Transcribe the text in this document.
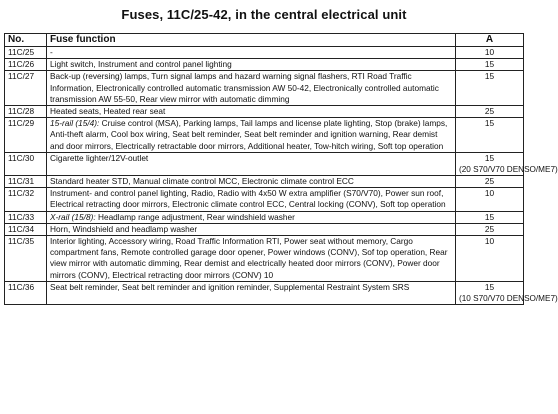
Fuses, 11C/25-42, in the central electrical unit
No.	Fuse function	A
11C/25	-	10
11C/26	Light switch, Instrument and control panel lighting	15
11C/27	Back-up (reversing) lamps, Turn signal lamps and hazard warning signal flashers, RTI Road Traffic Information, Electronically controlled automatic transmission AW 50-42, Electronically controlled automatic transmission AW 55-50, Rear view mirror with automatic dimming	15
11C/28	Heated seats, Heated rear seat	25
11C/29	15-rail (15/4): Cruise control (MSA), Parking lamps, Tail lamps and license plate lighting, Stop (brake) lamps, Anti-theft alarm, Cool box wiring, Seat belt reminder, Seat belt reminder and ignition warning, Rear demist and door mirrors, Electrically retractable door mirrors, Additional heater, Tow-hitch wiring, Soft top operation	15
11C/30	Cigarette lighter/12V-outlet	15
(20 S70/V70 DENSO/ME7)

11C/31	Standard heater STD, Manual climate control MCC, Electronic climate control ECC	25
11C/32	Instrument- and control panel lighting, Radio, Radio with 4x50 W extra amplifier (S70/V70), Power sun roof, Electrical retracting door mirrors, Electronic climate control ECC, Central locking (CONV), Soft top operation	10
11C/33	X-rail (15/8): Headlamp range adjustment, Rear windshield washer	15
11C/34	Horn, Windshield and headlamp washer	25
11C/35	Interior lighting, Accessory wiring, Road Traffic Information RTI, Power seat without memory, Cargo compartment fans, Remote controlled garage door opener, Power windows (CONV), Sof top operation, Rear view mirror with automatic dimming, Rear demist and electrically heated door mirrors (CONV), Power door mirrors (CONV), Electrical retracting door mirrors (CONV) 10	10
11C/36	Seat belt reminder, Seat belt reminder and ignition reminder, Supplemental Restraint System SRS	15
(10 S70/V70 DENSO/ME7)
